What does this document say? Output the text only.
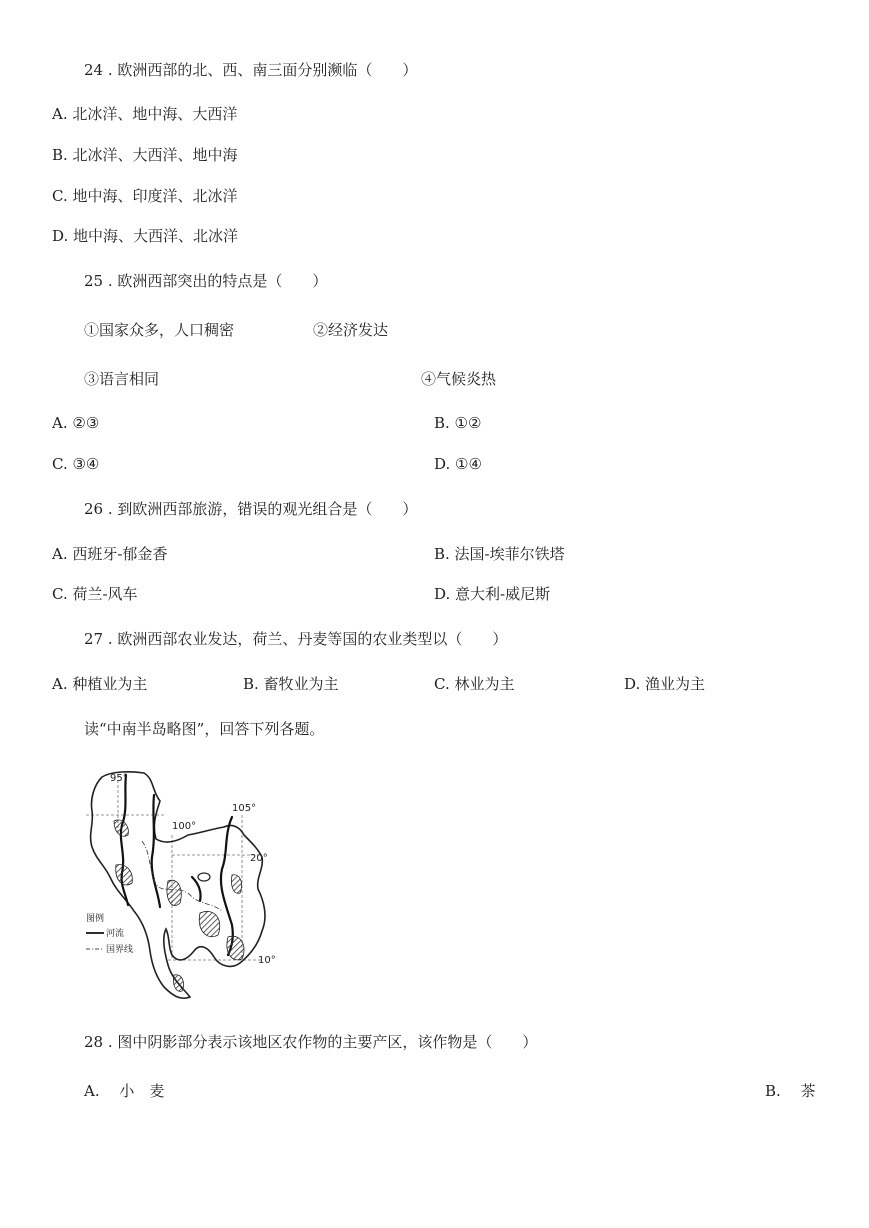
24 . 欧洲西部的北、西、南三面分别濒临（　　）
A. 北冰洋、地中海、大西洋
B. 北冰洋、大西洋、地中海
C. 地中海、印度洋、北冰洋
D. 地中海、大西洋、北冰洋
25 . 欧洲西部突出的特点是（　　）
①国家众多，人口稠密	②经济发达
③语言相同	④气候炎热
A. ②③	B. ①②
C. ③④	D. ①④
26 . 到欧洲西部旅游，错误的观光组合是（　　）
A. 西班牙-郁金香	B. 法国-埃菲尔铁塔
C. 荷兰-风车	D. 意大利-威尼斯
27 . 欧洲西部农业发达，荷兰、丹麦等国的农业类型以（　　）
A. 种植业为主	B. 畜牧业为主	C. 林业为主	D. 渔业为主
读“中南半岛略图”，回答下列各题。
95°
100°
105°
20°
10°
图例
河流
国界线
28 . 图中阴影部分表示该地区农作物的主要产区，该作物是（　　）
A.　 小　麦	B.　 茶
